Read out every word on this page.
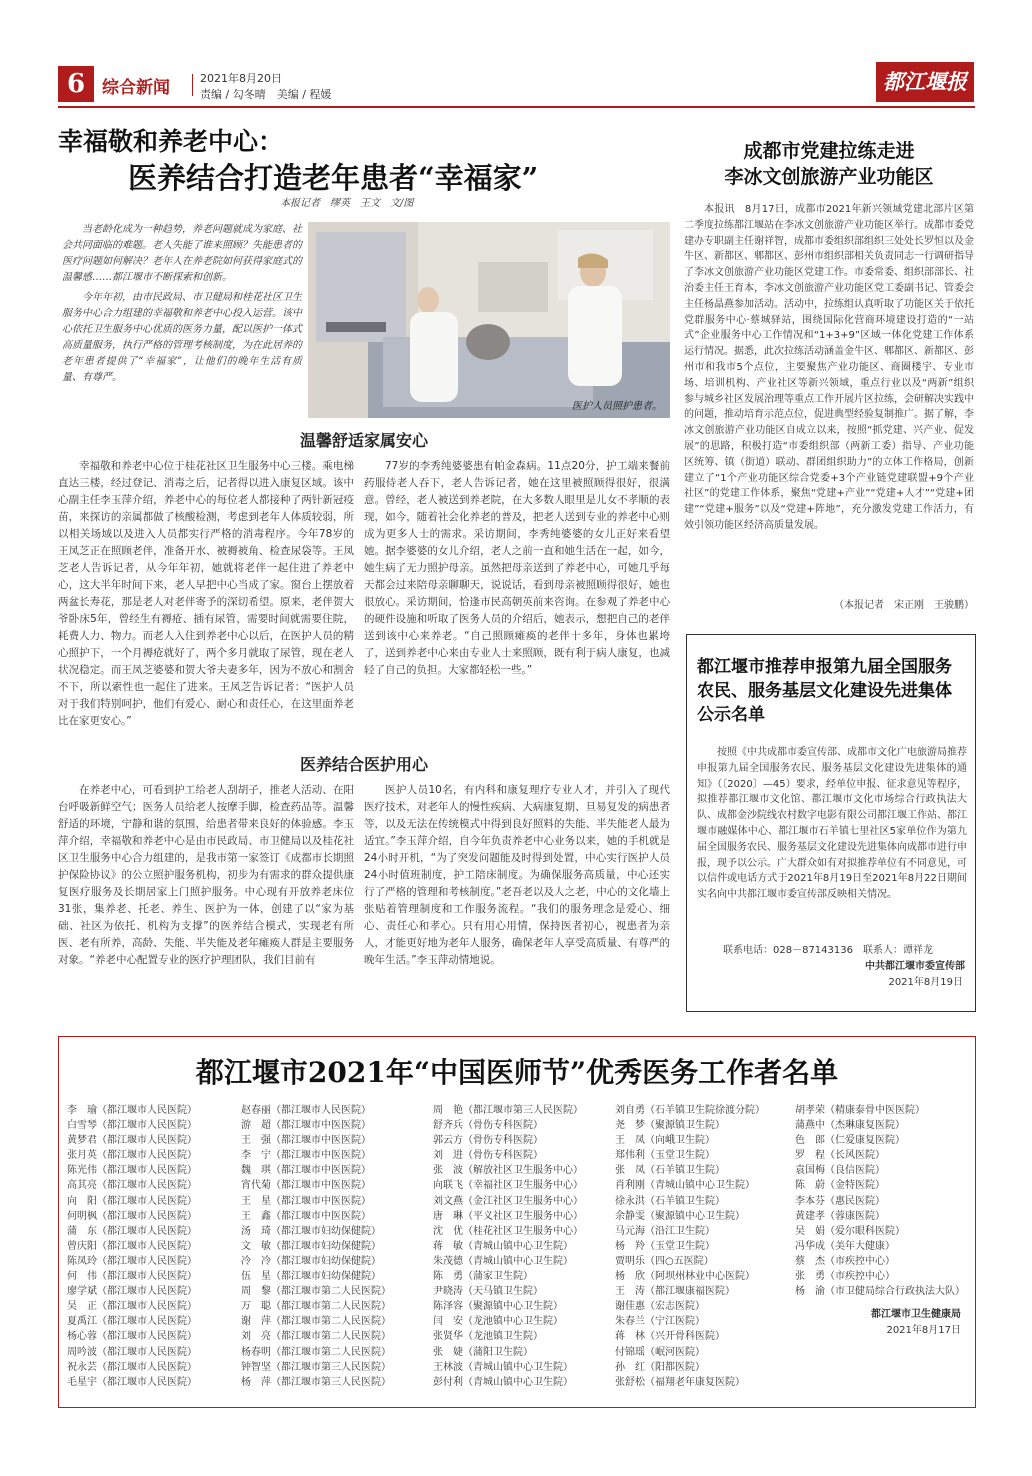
6 综合新闻	2021年8月20日
责编 / 勾冬晴　美编 / 程媛
都江堰报
幸福敬和养老中心：
医养结合打造老年患者“幸福家”
本报记者　缪英　王文　文/图

当老龄化成为一种趋势，养老问题就成为家庭、社会共同面临的难题。老人失能了谁来照顾？失能患者的医疗问题如何解决？老年人在养老院如何获得家庭式的温馨感……都江堰市不断探索和创新。

今年年初，由市民政局、市卫健局和桂花社区卫生服务中心合力组建的幸福敬和养老中心投入运营。该中心依托卫生服务中心优质的医务力量，配以医护一体式高质量服务，执行严格的管理考核制度，为在此居养的老年患者提供了“幸福家”，让他们的晚年生活有质量、有尊严。

医护人员照护患者。
温馨舒适家属安心
幸福敬和养老中心位于桂花社区卫生服务中心三楼。乘电梯直达三楼，经过登记、消毒之后，记者得以进入康复区域。该中心副主任李玉萍介绍，养老中心的每位老人都接种了两针新冠疫苗，来探访的亲属都做了核酸检测，考虑到老年人体质较弱，所以相关场域以及进入人员都实行严格的消毒程序。今年78岁的王凤芝正在照顾老伴，准备开水、被褥被角、检查尿袋等。王凤芝老人告诉记者，从今年年初，她就将老伴一起住进了养老中心，这大半年时间下来，老人早把中心当成了家。窗台上摆放着两盆长寿花，那是老人对老伴寄予的深切希望。原来，老伴贺大爷卧床5年，曾经生有褥疮、插有尿管，需要时间就需要住院，耗费人力、物力。而老人入住到养老中心以后，在医护人员的精心照护下，一个月褥疮就好了，两个多月就取了尿管，现在老人状况稳定。而王凤芝婆婆和贺大爷夫妻多年，因为不放心和割舍不下，所以索性也一起住了进来。王凤芝告诉记者：“医护人员对于我们特别呵护，他们有爱心、耐心和责任心，在这里面养老比在家更安心。”
77岁的李秀纯婆婆患有帕金森病。11点20分，护工端来餐前药服侍老人吞下，老人告诉记者，她在这里被照顾得很好，很满意。曾经，老人被送到养老院，在大多数人眼里是儿女不孝顺的表现，如今，随着社会化养老的普及，把老人送到专业的养老中心则成为更多人士的需求。采访期间，李秀纯婆婆的女儿正好来看望她。据李婆婆的女儿介绍，老人之前一直和她生活在一起，如今，她生病了无力照护母亲。虽然把母亲送到了养老中心，可她几乎每天都会过来陪母亲聊聊天，说说话，看到母亲被照顾得很好，她也很放心。采访期间，恰逢市民高朝英前来咨询。在参观了养老中心的硬件设施和听取了医务人员的介绍后，她表示，想把自己的老伴送到该中心来养老。“自己照顾瘫痪的老伴十多年，身体也累垮了，送到养老中心来由专业人士来照顾，既有利于病人康复，也减轻了自己的负担。大家都轻松一些。”
医养结合医护用心
在养老中心，可看到护工给老人刮胡子，推老人活动、在阳台呼吸新鲜空气；医务人员给老人按摩手脚，检查药品等。温馨舒适的环境，宁静和谐的氛围，给患者带来良好的体验感。李玉萍介绍，幸福敬和养老中心是由市民政局、市卫健局以及桂花社区卫生服务中心合力组建的，是我市第一家签订《成都市长期照护保险协议》的公立照护服务机构，初步为有需求的群众提供康复医疗服务及长期居家上门照护服务。中心现有开放养老床位31张，集养老、托老、养生、医护为一体，创建了以“家为基础、社区为依托、机构为支撑”的医养结合模式，实现老有所医、老有所养，高龄、失能、半失能及老年瘫痪人群是主要服务对象。“养老中心配置专业的医疗护理团队，我们目前有
医护人员10名，有内科和康复理疗专业人才，并引入了现代医疗技术，对老年人的慢性疾病、大病康复期、旦易复发的病患者等，以及无法在传统模式中得到良好照料的失能、半失能老人最为适宜。”李玉萍介绍，自今年负责养老中心业务以来，她的手机就是24小时开机，“为了突发问题能及时得到处置，中心实行医护人员24小时值班制度，护工陪床制度。为确保服务高质量，中心还实行了严格的管理和考核制度。”老吾老以及人之老，中心的文化墙上张贴着管理制度和工作服务流程。“我们的服务理念是爱心、细心、责任心和孝心。只有用心用情，保持医者初心，视患者为亲人，才能更好地为老年人服务，确保老年人享受高质量、有尊严的晚年生活。”李玉萍动情地说。
成都市党建拉练走进
李冰文创旅游产业功能区
本报讯　8月17日，成都市2021年新兴领域党建北部片区第二季度拉练都江堰站在李冰文创旅游产业功能区举行。成都市委党建办专职副主任谢祥智，成都市委组织部组织三处处长罗恒以及金牛区、新都区、郫都区、彭州市组织部相关负责同志一行调研指导了李冰文创旅游产业功能区党建工作。市委常委、组织部部长、社治委主任王育本，李冰文创旅游产业功能区党工委副书记、管委会主任杨晶燕参加活动。活动中，拉练组认真听取了功能区关于依托党群服务中心·蔡城驿站，围绕国际化营商环境建设打造的“一站式”企业服务中心工作情况和“1+3+9”区域一体化党建工作体系运行情况。据悉，此次拉练活动涵盖金牛区、郫都区、新都区、彭州市和我市5个点位，主要聚焦产业功能区、商圈楼宇、专业市场、培训机构、产业社区等新兴领域，重点行业以及“两新”组织参与城乡社区发展治理等重点工作开展片区拉练，会研解决实践中的问题，推动培育示范点位，促进典型经验复制推广。据了解，李冰文创旅游产业功能区自成立以来，按照“抓党建、兴产业、促发展”的思路，积极打造“市委组织部（两新工委）指导、产业功能区统筹、镇（街道）联动、群团组织助力”的立体工作格局，创新建立了“1个产业功能区综合党委+3个产业链党建联盟+9个产业社区”的党建工作体系，聚焦“党建+产业”“党建+人才”“党建+团建”“党建+服务”以及“党建+阵地”，充分激发党建工作活力，有效引领功能区经济高质量发展。
（本报记者　宋正刚　王骏鹏）
都江堰市推荐申报第九届全国服务农民、服务基层文化建设先进集体公示名单
按照《中共成都市委宣传部、成都市文化广电旅游局推荐申报第九届全国服务农民、服务基层文化建设先进集体的通知》（〔2020〕—45）要求，经单位申报、征求意见等程序，拟推荐都江堰市文化馆、都江堰市文化市场综合行政执法大队、成都金沙院线农村数字电影有限公司都江堰工作站、都江堰市融媒体中心、都江堰市石羊镇七里社区5家单位作为第九届全国服务农民、服务基层文化建设先进集体向成都市进行申报，现予以公示。广大群众如有对拟推荐单位有不同意见，可以信件或电话方式于2021年8月19日至2021年8月22日期间实名向中共都江堰市委宣传部反映相关情况。
联系电话：028－87143136　联系人：谭祥龙
中共都江堰市委宣传部
2021年8月19日
都江堰市2021年“中国医师节”优秀医务工作者名单
李　瑜（都江堰市人民医院）
白雪琴（都江堰市人民医院）
黄梦君（都江堰市人民医院）
张月英（都江堰市人民医院）
陈光伟（都江堰市人民医院）
高其亮（都江堰市人民医院）
向　阳（都江堰市人民医院）
何明枫（都江堰市人民医院）
蒲　东（都江堰市人民医院）
曾庆阳（都江堰市人民医院）
陈凤玲（都江堰市人民医院）
何　伟（都江堰市人民医院）
廖学斌（都江堰市人民医院）
吴　正（都江堰市人民医院）
夏禹江（都江堰市人民医院）
杨心蓉（都江堰市人民医院）
周吟波（都江堰市人民医院）
祝永芸（都江堰市人民医院）
毛星宇（都江堰市人民医院）
赵春丽（都江堰市人民医院）
游　超（都江堰市中医医院）
王　强（都江堰市中医医院）
李　宁（都江堰市中医医院）
魏　琪（都江堰市中医医院）
宵代菊（都江堰市中医医院）
王　星（都江堰市中医医院）
王　鑫（都江堰市中医医院）
汤　琦（都江堰市妇幼保健院）
文　敏（都江堰市妇幼保健院）
冷　冷（都江堰市妇幼保健院）
伍　星（都江堰市妇幼保健院）
周　黎（都江堰市第二人民医院）
万　聪（都江堰市第二人民医院）
谢　萍（都江堰市第二人民医院）
刘　亮（都江堰市第二人民医院）
杨春明（都江堰市第二人民医院）
钟智坚（都江堰市第三人民医院）
杨　萍（都江堰市第三人民医院）
周　艳（都江堰市第三人民医院）
舒齐兵（骨伤专科医院）
郭云方（骨伤专科医院）
刘　进（骨伤专科医院）
张　波（解放社区卫生服务中心）
向联飞（幸福社区卫生服务中心）
刘文燕（金江社区卫生服务中心）
唐　琳（平义社区卫生服务中心）
沈　优（桂花社区卫生服务中心）
蒋　敏（青城山镇中心卫生院）
朱茂德（青城山镇中心卫生院）
陈　勇（蒲家卫生院）
尹晓涛（天马镇卫生院）
陈泽容（聚源镇中心卫生院）
闫　安（龙池镇中心卫生院）
张贤华（龙池镇卫生院）
张　婕（蒲阳卫生院）
王林波（青城山镇中心卫生院）
彭付利（青城山镇中心卫生院）
刘自勇（石羊镇卫生院徐渡分院）
尧　梦（聚源镇卫生院）
王　凤（向峨卫生院）
郑伟利（玉堂卫生院）
张　凤（石羊镇卫生院）
肖利刚（青城山镇中心卫生院）
徐永洪（石羊镇卫生院）
余静雯（聚源镇中心卫生院）
马元海（沿江卫生院）
杨　羚（玉堂卫生院）
贾明乐（四○五医院）
杨　欣（阿坝州林业中心医院）
王　涛（都江堰康福医院）
谢佳惠（宏志医院）
朱春兰（宁江医院）
蒋　林（兴开骨科医院）
付锦瑶（岷河医院）
孙　红（阳都医院）
张舒松（福翔老年康复医院）
胡孝荣（精康泰骨中医医院）
蒲燕中（杰琳康复医院）
色　郎（仁爱康复医院）
罗　程（长风医院）
袁国梅（良信医院）
陈　蔚（金特医院）
李本芬（惠民医院）
黄建孝（蓉康医院）
吴　娟（爱尔眼科医院）
冯华成（美年大健康）
蔡　杰（市疾控中心）
张　勇（市疾控中心）
杨　渝（市卫健局综合行政执法大队）
都江堰市卫生健康局
2021年8月17日
